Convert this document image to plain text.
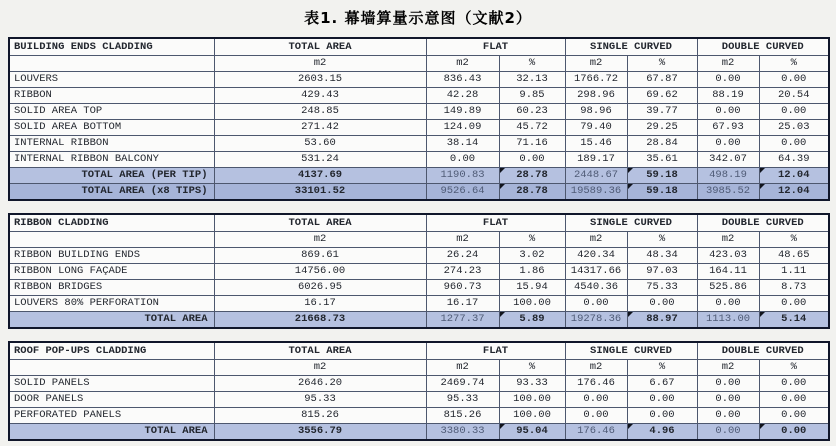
表1. 幕墙算量示意图（文献2）
BUILDING ENDS CLADDING	TOTAL AREA	FLAT		SINGLE CURVED		DOUBLE CURVED	
	m2	m2	%	m2	%	m2	%
LOUVERS	2603.15	836.43	32.13	1766.72	67.87	0.00	0.00
RIBBON	429.43	42.28	9.85	298.96	69.62	88.19	20.54
SOLID AREA TOP	248.85	149.89	60.23	98.96	39.77	0.00	0.00
SOLID AREA BOTTOM	271.42	124.09	45.72	79.40	29.25	67.93	25.03
INTERNAL RIBBON	53.60	38.14	71.16	15.46	28.84	0.00	0.00
INTERNAL RIBBON BALCONY	531.24	0.00	0.00	189.17	35.61	342.07	64.39
TOTAL AREA (PER TIP)	4137.69	1190.83	28.78	2448.67	59.18	498.19	12.04
TOTAL AREA (x8 TIPS)	33101.52	9526.64	28.78	19589.36	59.18	3985.52	12.04
RIBBON CLADDING	TOTAL AREA	FLAT		SINGLE CURVED		DOUBLE CURVED	
	m2	m2	%	m2	%	m2	%
RIBBON BUILDING ENDS	869.61	26.24	3.02	420.34	48.34	423.03	48.65
RIBBON LONG FAÇADE	14756.00	274.23	1.86	14317.66	97.03	164.11	1.11
RIBBON BRIDGES	6026.95	960.73	15.94	4540.36	75.33	525.86	8.73
LOUVERS 80% PERFORATION	16.17	16.17	100.00	0.00	0.00	0.00	0.00
TOTAL AREA	21668.73	1277.37	5.89	19278.36	88.97	1113.00	5.14
ROOF POP-UPS CLADDING	TOTAL AREA	FLAT		SINGLE CURVED		DOUBLE CURVED	
	m2	m2	%	m2	%	m2	%
SOLID PANELS	2646.20	2469.74	93.33	176.46	6.67	0.00	0.00
DOOR PANELS	95.33	95.33	100.00	0.00	0.00	0.00	0.00
PERFORATED PANELS	815.26	815.26	100.00	0.00	0.00	0.00	0.00
TOTAL AREA	3556.79	3380.33	95.04	176.46	4.96	0.00	0.00
